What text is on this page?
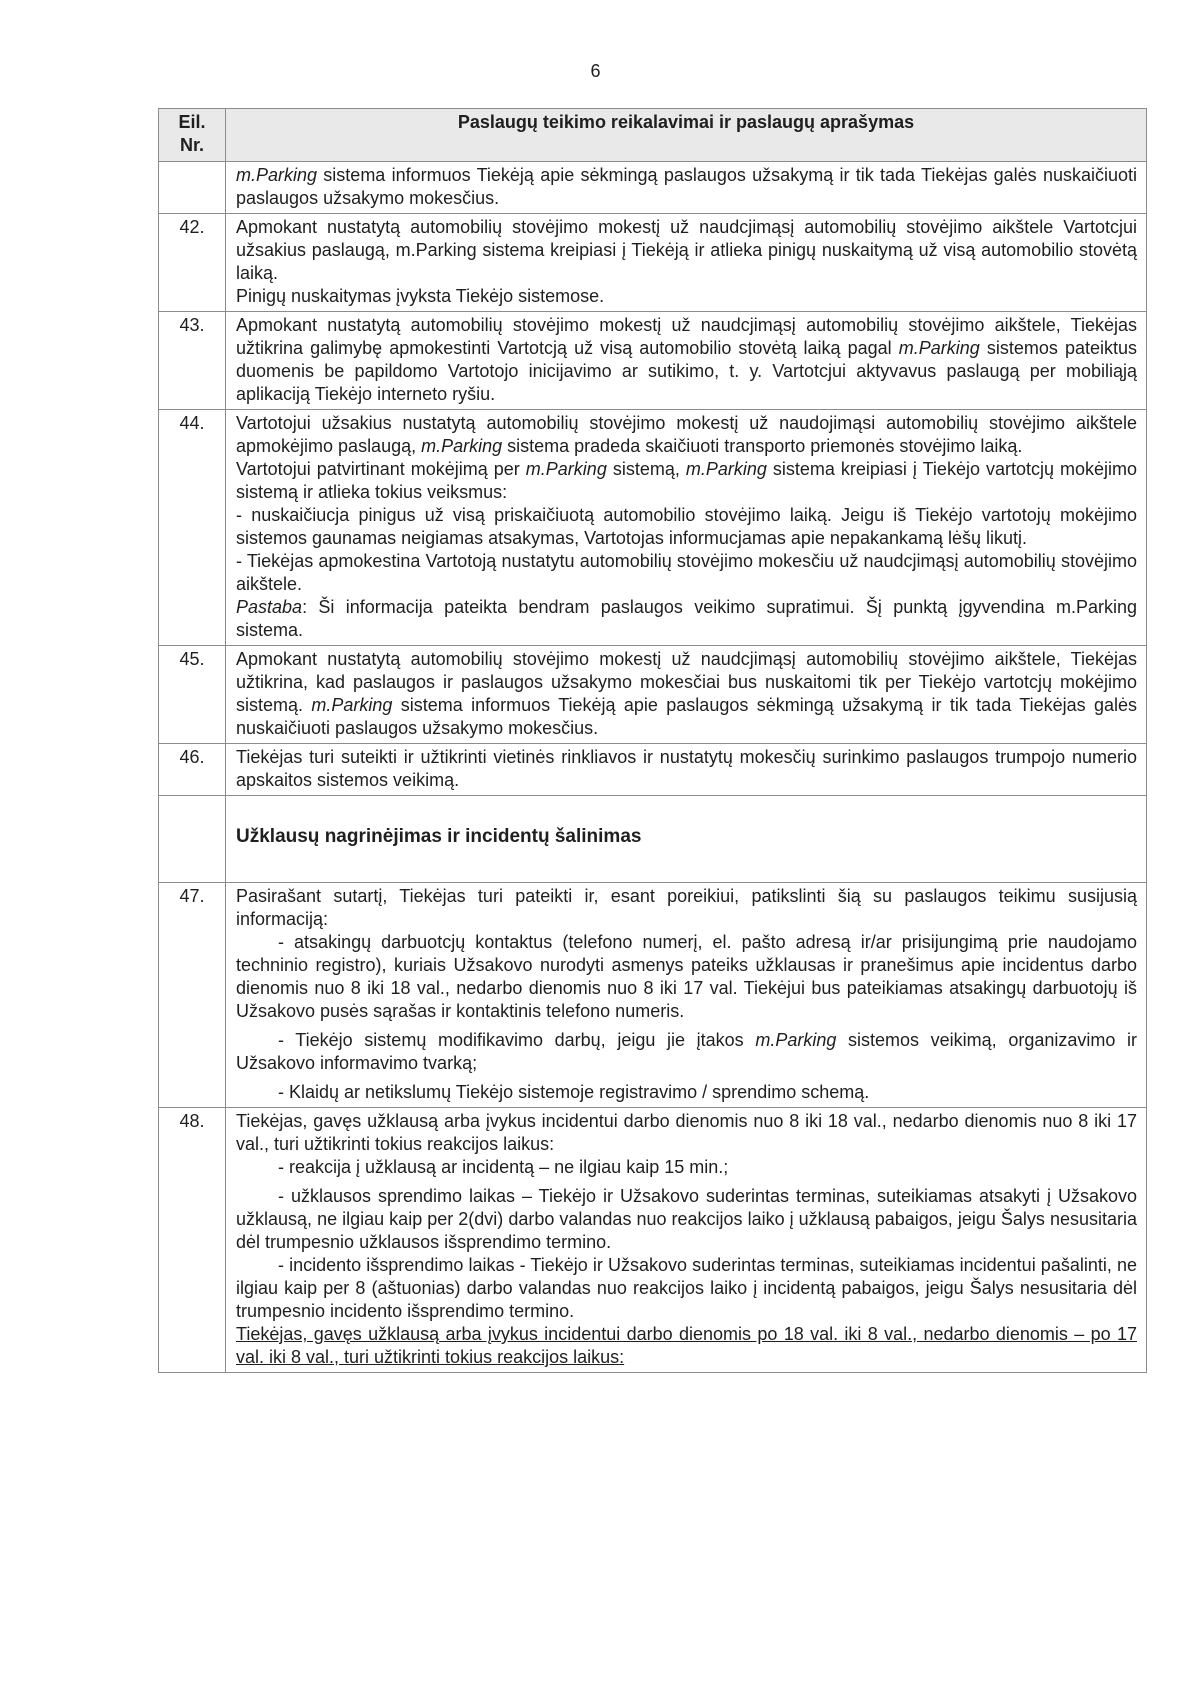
6
Eil.
Nr.	Paslaugų teikimo reikalavimai ir paslaugų aprašymas

	m.Parking sistema informuos Tiekėją apie sėkmingą paslaugos užsakymą ir tik tada Tiekėjas galės nuskaičiuoti paslaugos užsakymo mokesčius.

42.	Apmokant nustatytą automobilių stovėjimo mokestį už naudcjimąsį automobilių stovėjimo aikštele Vartotcjui užsakius paslaugą, m.Parking sistema kreipiasi į Tiekėją ir atlieka pinigų nuskaitymą už visą automobilio stovėtą laiką.
Pinigų nuskaitymas įvyksta Tiekėjo sistemose.

43.	Apmokant nustatytą automobilių stovėjimo mokestį už naudcjimąsį automobilių stovėjimo aikštele, Tiekėjas užtikrina galimybę apmokestinti Vartotcją už visą automobilio stovėtą laiką pagal m.Parking sistemos pateiktus duomenis be papildomo Vartotojo inicijavimo ar sutikimo, t. y. Vartotcjui aktyvavus paslaugą per mobiliąją aplikaciją Tiekėjo interneto ryšiu.

44.	Vartotojui užsakius nustatytą automobilių stovėjimo mokestį už naudojimąsi automobilių stovėjimo aikštele apmokėjimo paslaugą, m.Parking sistema pradeda skaičiuoti transporto priemonės stovėjimo laiką.
Vartotojui patvirtinant mokėjimą per m.Parking sistemą, m.Parking sistema kreipiasi į Tiekėjo vartotcjų mokėjimo sistemą ir atlieka tokius veiksmus:
- nuskaičiucja pinigus už visą priskaičiuotą automobilio stovėjimo laiką. Jeigu iš Tiekėjo vartotojų mokėjimo sistemos gaunamas neigiamas atsakymas, Vartotojas informucjamas apie nepakankamą lėšų likutį.
- Tiekėjas apmokestina Vartotoją nustatytu automobilių stovėjimo mokesčiu už naudcjimąsį automobilių stovėjimo aikštele.
Pastaba: Ši informacija pateikta bendram paslaugos veikimo supratimui. Šį punktą įgyvendina m.Parking sistema.

45.	Apmokant nustatytą automobilių stovėjimo mokestį už naudcjimąsį automobilių stovėjimo aikštele, Tiekėjas užtikrina, kad paslaugos ir paslaugos užsakymo mokesčiai bus nuskaitomi tik per Tiekėjo vartotcjų mokėjimo sistemą. m.Parking sistema informuos Tiekėją apie paslaugos sėkmingą užsakymą ir tik tada Tiekėjas galės nuskaičiuoti paslaugos užsakymo mokesčius.

46.	Tiekėjas turi suteikti ir užtikrinti vietinės rinkliavos ir nustatytų mokesčių surinkimo paslaugos trumpojo numerio apskaitos sistemos veikimą.

	Užklausų nagrinėjimas ir incidentų šalinimas

47.	Pasirašant sutartį, Tiekėjas turi pateikti ir, esant poreikiui, patikslinti šią su paslaugos teikimu susijusią informaciją:
- atsakingų darbuotcjų kontaktus (telefono numerį, el. pašto adresą ir/ar prisijungimą prie naudojamo techninio registro), kuriais Užsakovo nurodyti asmenys pateiks užklausas ir pranešimus apie incidentus darbo dienomis nuo 8 iki 18 val., nedarbo dienomis nuo 8 iki 17 val. Tiekėjui bus pateikiamas atsakingų darbuotojų iš Užsakovo pusės sąrašas ir kontaktinis telefono numeris.
- Tiekėjo sistemų modifikavimo darbų, jeigu jie įtakos m.Parking sistemos veikimą, organizavimo ir Užsakovo informavimo tvarką;
- Klaidų ar netikslumų Tiekėjo sistemoje registravimo / sprendimo schemą.

48.	Tiekėjas, gavęs užklausą arba įvykus incidentui darbo dienomis nuo 8 iki 18 val., nedarbo dienomis nuo 8 iki 17 val., turi užtikrinti tokius reakcijos laikus:
- reakcija į užklausą ar incidentą – ne ilgiau kaip 15 min.;
- užklausos sprendimo laikas – Tiekėjo ir Užsakovo suderintas terminas, suteikiamas atsakyti į Užsakovo užklausą, ne ilgiau kaip per 2(dvi) darbo valandas nuo reakcijos laiko į užklausą pabaigos, jeigu Šalys nesusitaria dėl trumpesnio užklausos išsprendimo termino.
- incidento išsprendimo laikas - Tiekėjo ir Užsakovo suderintas terminas, suteikiamas incidentui pašalinti, ne ilgiau kaip per 8 (aštuonias) darbo valandas nuo reakcijos laiko į incidentą pabaigos, jeigu Šalys nesusitaria dėl trumpesnio incidento išsprendimo termino.
Tiekėjas, gavęs užklausą arba įvykus incidentui darbo dienomis po 18 val. iki 8 val., nedarbo dienomis – po 17 val. iki 8 val., turi užtikrinti tokius reakcijos laikus:
